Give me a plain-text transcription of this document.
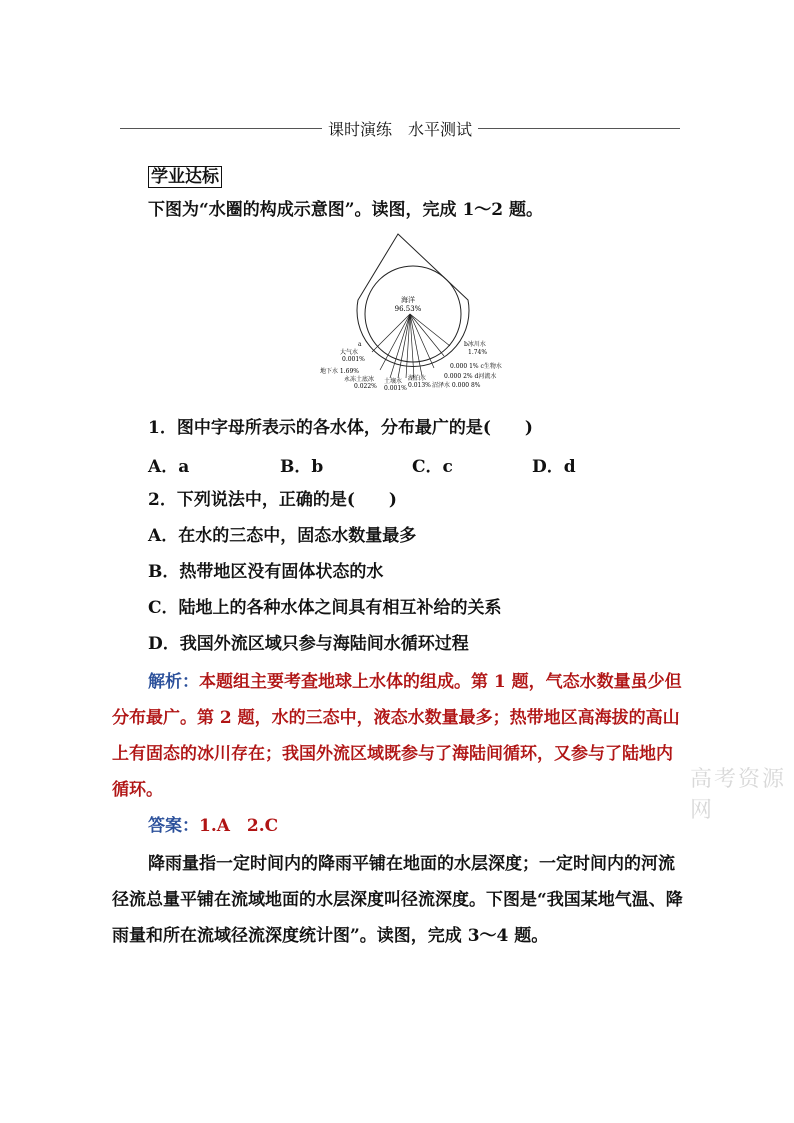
课时演练　水平测试
学业达标

下图为“水圈的构成示意图”。读图，完成 1～2 题。

海洋
96.53%
a
大气水
0.001%
地下水 1.69%
永冻土底冰
0.022%
土壤水
0.001%
湖泊水
0.013%
b冰川水
1.74%
0.000 1% c生物水
0.000 2% d河流水
沼泽水 0.000 8%

1．图中字母所表示的各水体，分布最广的是(　　)

A．a	B．b	C．c	D．d

2．下列说法中，正确的是(　　)

A．在水的三态中，固态水数量最多

B．热带地区没有固体状态的水

C．陆地上的各种水体之间具有相互补给的关系

D．我国外流区域只参与海陆间水循环过程

解析：本题组主要考查地球上水体的组成。第 1 题，气态水数量虽少但分布最广。第 2 题，水的三态中，液态水数量最多；热带地区高海拔的高山上有固态的冰川存在；我国外流区域既参与了海陆间循环，又参与了陆地内循环。

答案：1.A　2.C

降雨量指一定时间内的降雨平铺在地面的水层深度；一定时间内的河流径流总量平铺在流域地面的水层深度叫径流深度。下图是“我国某地气温、降雨量和所在流域径流深度统计图”。读图，完成 3～4 题。

高考资源网
